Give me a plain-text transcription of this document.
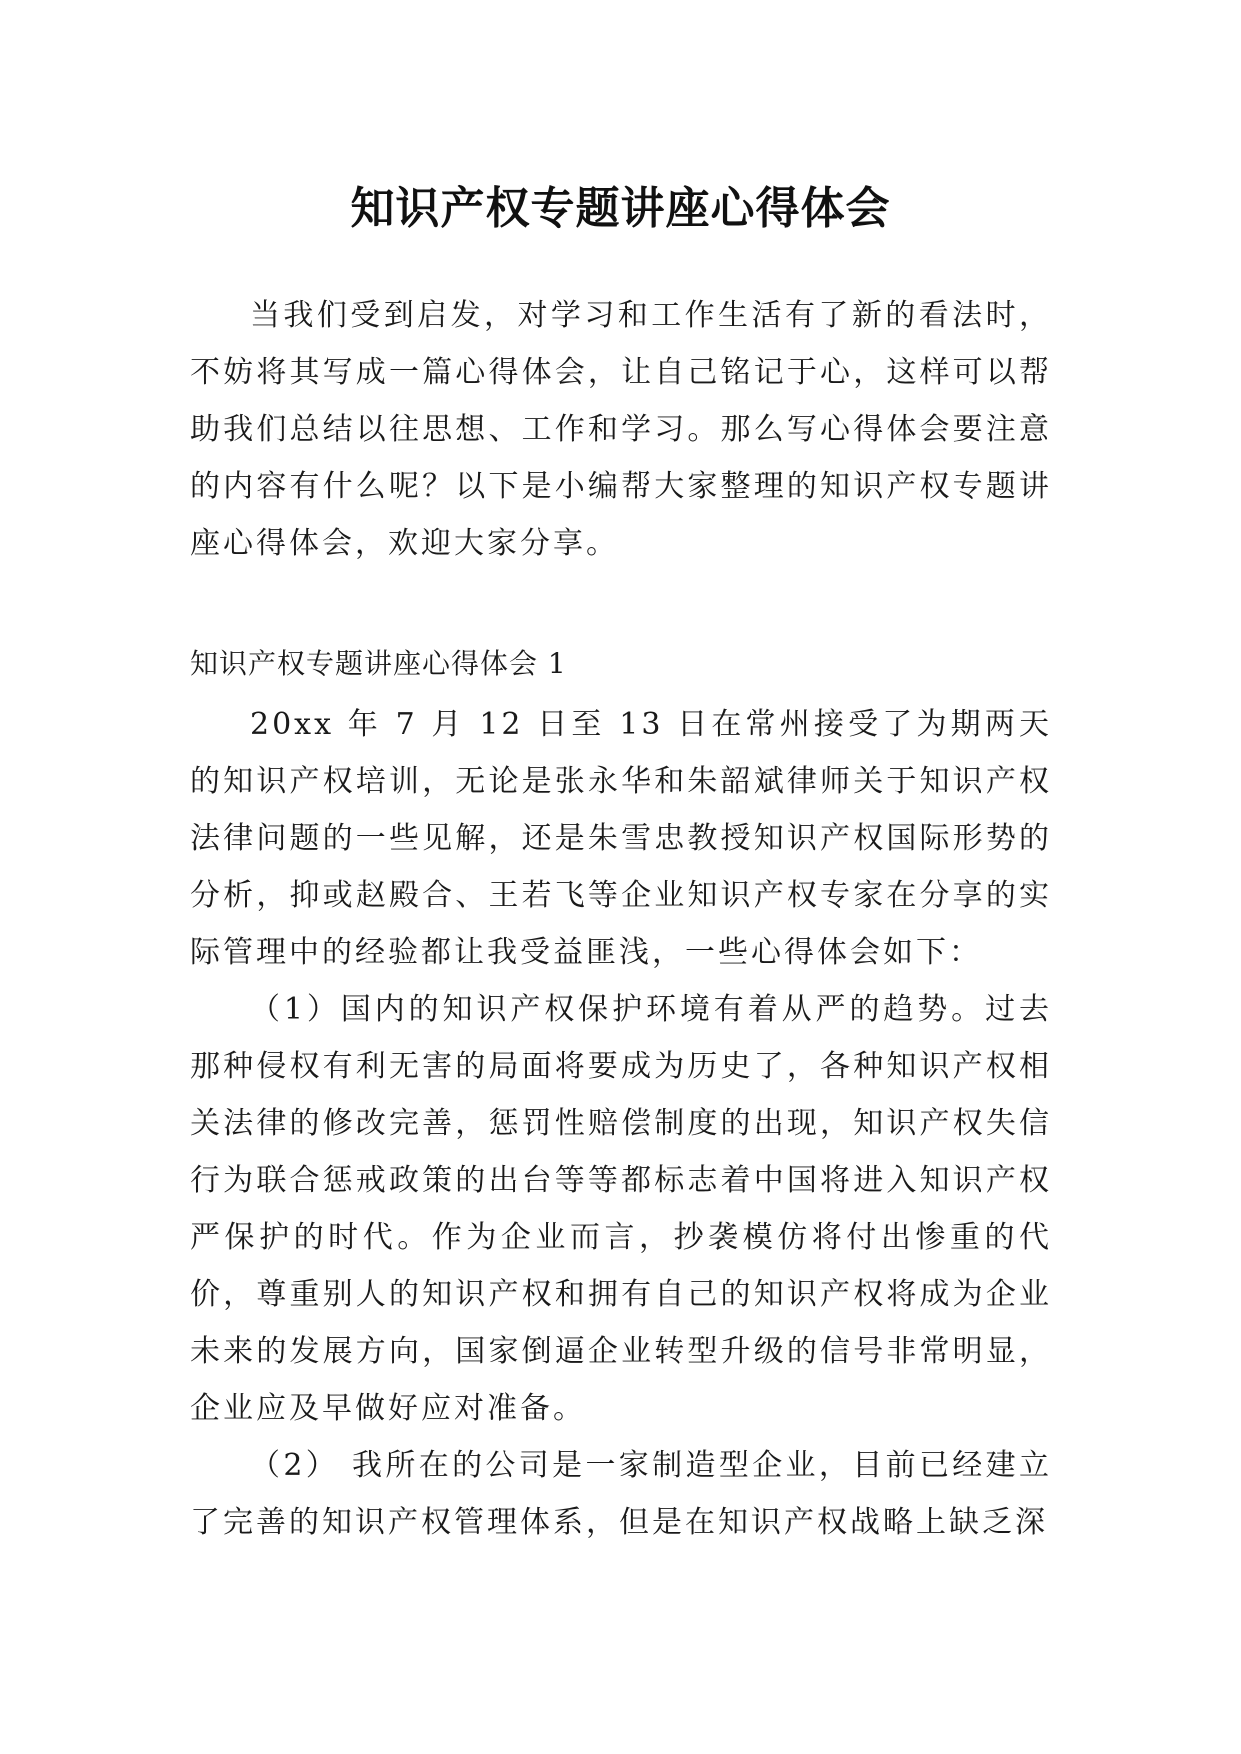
知识产权专题讲座心得体会

当我们受到启发，对学习和工作生活有了新的看法时，不妨将其写成一篇心得体会，让自己铭记于心，这样可以帮助我们总结以往思想、工作和学习。那么写心得体会要注意的内容有什么呢？以下是小编帮大家整理的知识产权专题讲座心得体会，欢迎大家分享。

知识产权专题讲座心得体会 1

20xx 年 7 月 12 日至 13 日在常州接受了为期两天的知识产权培训，无论是张永华和朱韶斌律师关于知识产权法律问题的一些见解，还是朱雪忠教授知识产权国际形势的分析，抑或赵殿合、王若飞等企业知识产权专家在分享的实际管理中的经验都让我受益匪浅，一些心得体会如下：

（1）国内的知识产权保护环境有着从严的趋势。过去那种侵权有利无害的局面将要成为历史了，各种知识产权相关法律的修改完善，惩罚性赔偿制度的出现，知识产权失信行为联合惩戒政策的出台等等都标志着中国将进入知识产权严保护的时代。作为企业而言，抄袭模仿将付出惨重的代价，尊重别人的知识产权和拥有自己的知识产权将成为企业未来的发展方向，国家倒逼企业转型升级的信号非常明显，企业应及早做好应对准备。

（2） 我所在的公司是一家制造型企业，目前已经建立了完善的知识产权管理体系，但是在知识产权战略上缺乏深
